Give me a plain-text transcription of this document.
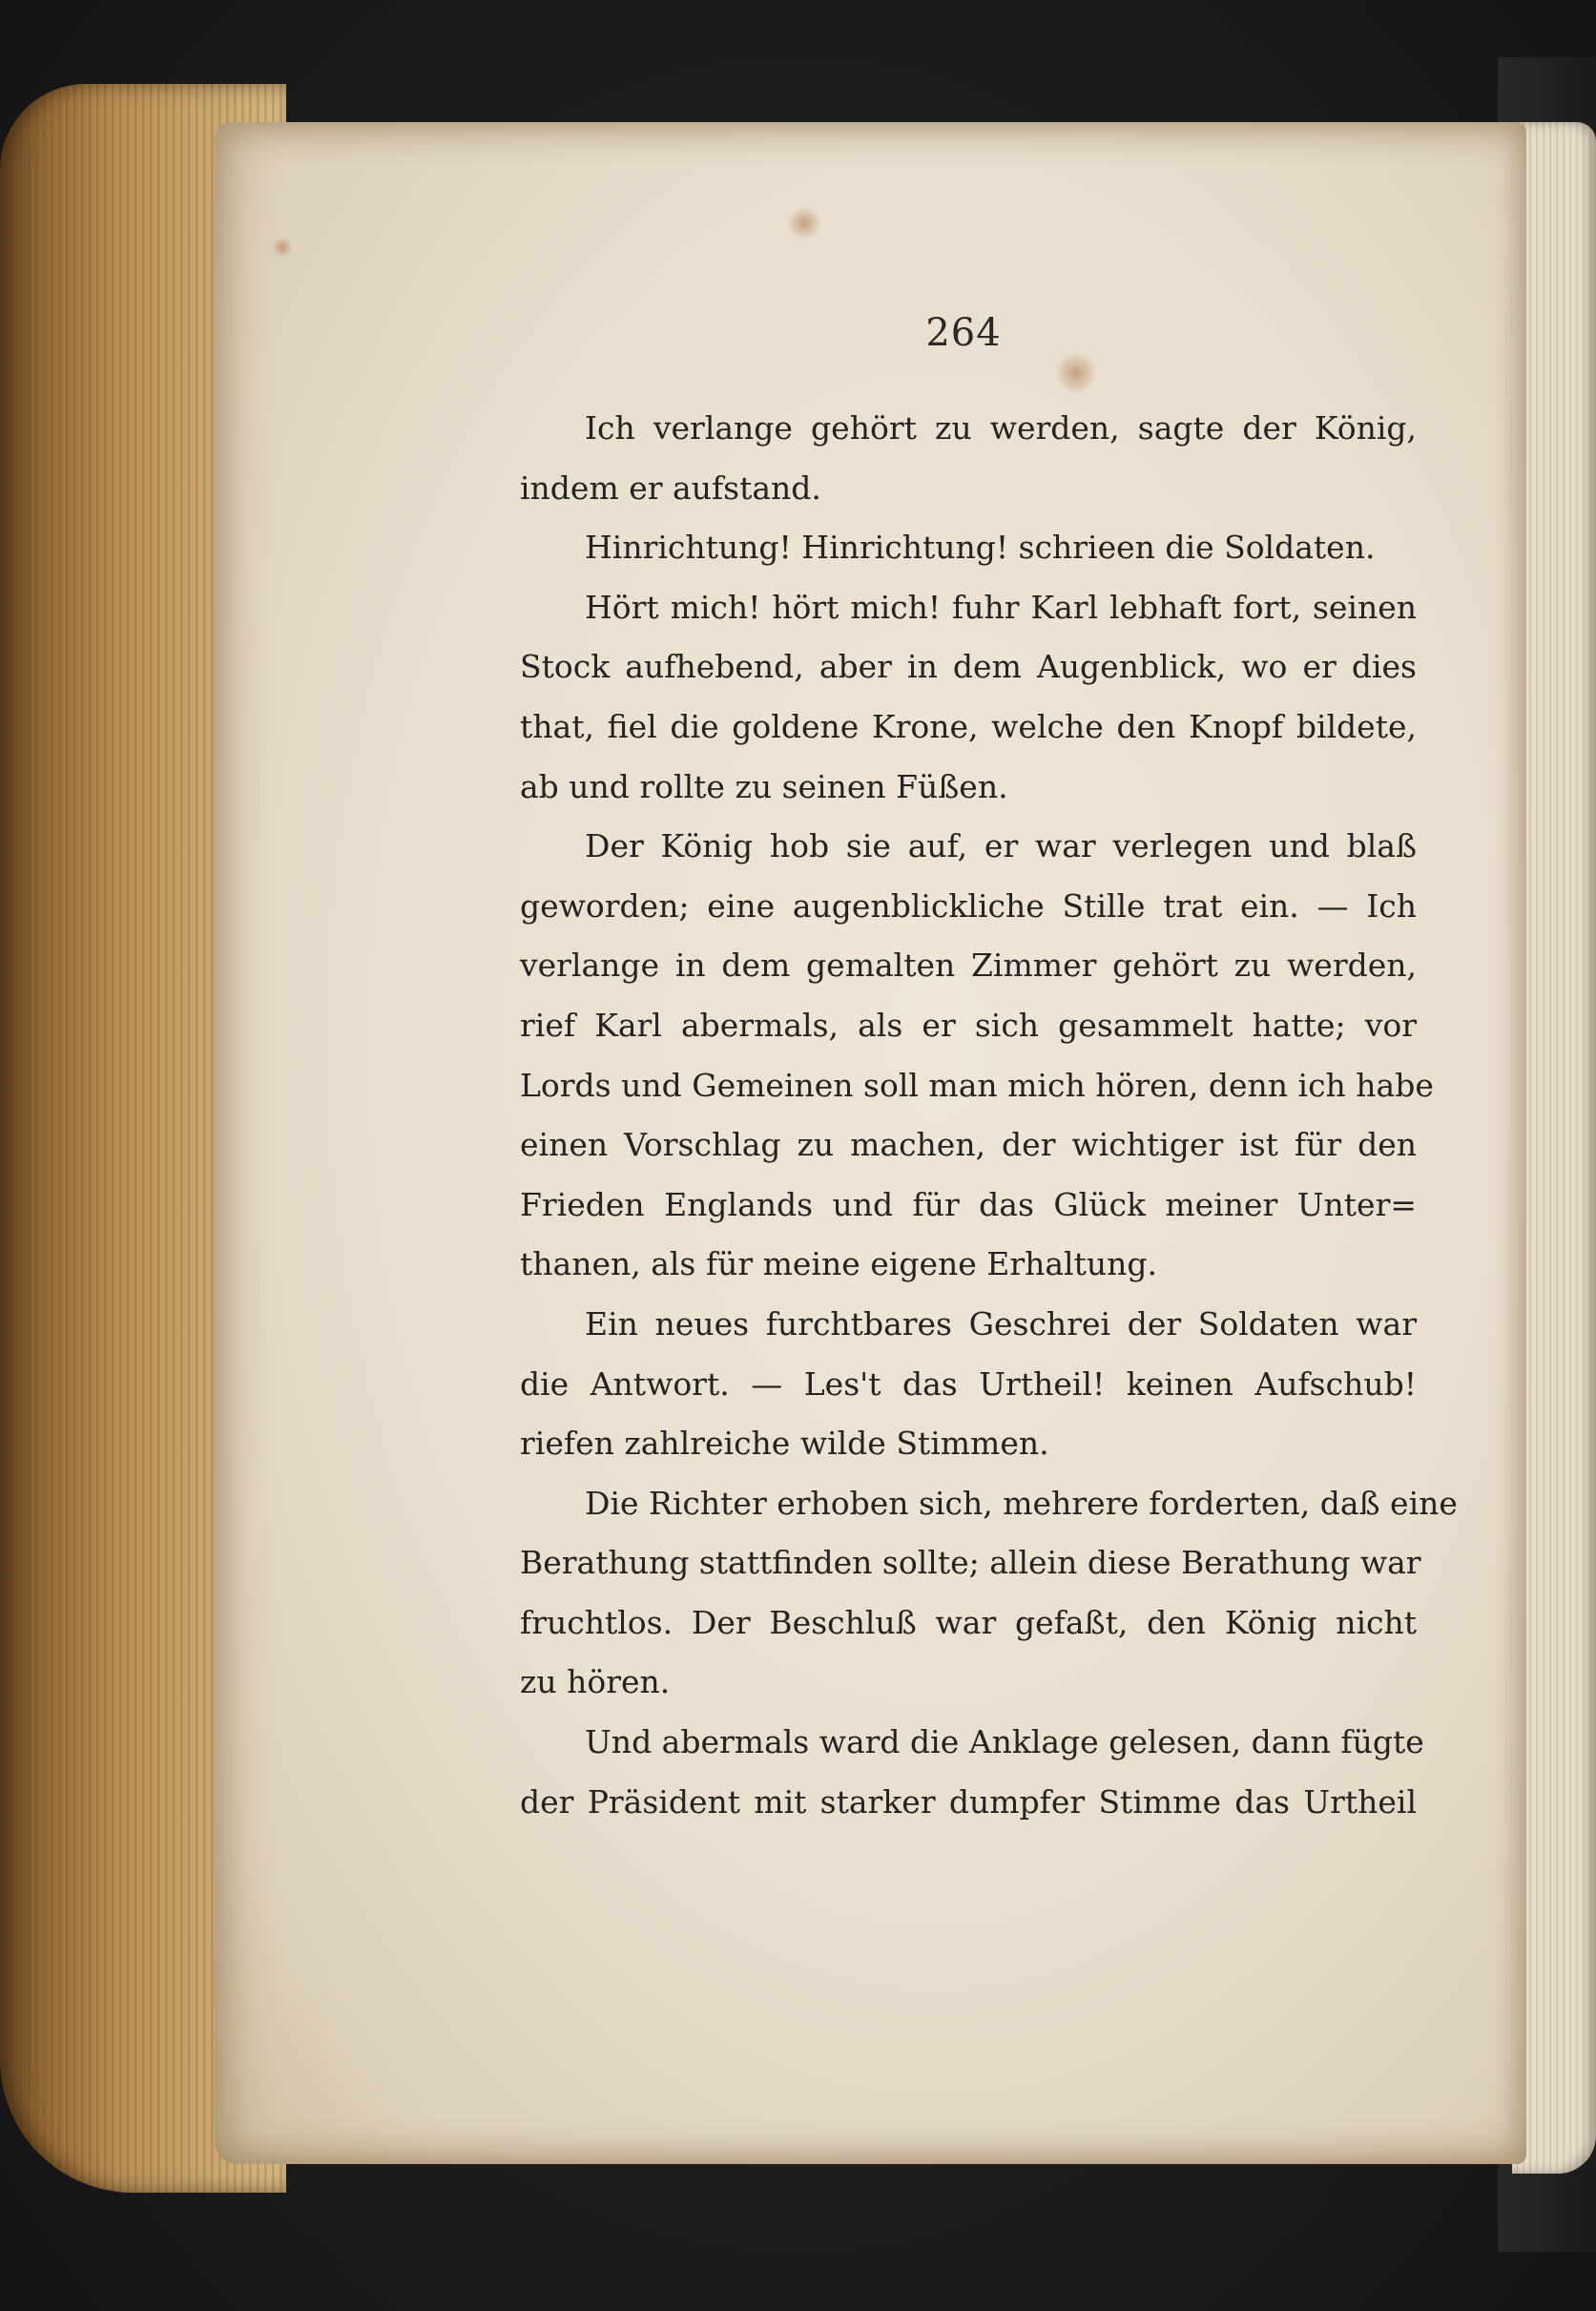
264
Ich verlange gehört zu werden, sagte der König,
indem er aufstand.
Hinrichtung! Hinrichtung! schrieen die Soldaten.
Hört mich! hört mich! fuhr Karl lebhaft fort, seinen
Stock aufhebend, aber in dem Augenblick, wo er dies
that, fiel die goldene Krone, welche den Knopf bildete,
ab und rollte zu seinen Füßen.
Der König hob sie auf, er war verlegen und blaß
geworden; eine augenblickliche Stille trat ein. — Ich
verlange in dem gemalten Zimmer gehört zu werden,
rief Karl abermals, als er sich gesammelt hatte; vor
Lords und Gemeinen soll man mich hören, denn ich habe
einen Vorschlag zu machen, der wichtiger ist für den
Frieden Englands und für das Glück meiner Unter=
thanen, als für meine eigene Erhaltung.
Ein neues furchtbares Geschrei der Soldaten war
die Antwort. — Les't das Urtheil! keinen Aufschub!
riefen zahlreiche wilde Stimmen.
Die Richter erhoben sich, mehrere forderten, daß eine
Berathung stattfinden sollte; allein diese Berathung war
fruchtlos. Der Beschluß war gefaßt, den König nicht
zu hören.
Und abermals ward die Anklage gelesen, dann fügte
der Präsident mit starker dumpfer Stimme das Urtheil
